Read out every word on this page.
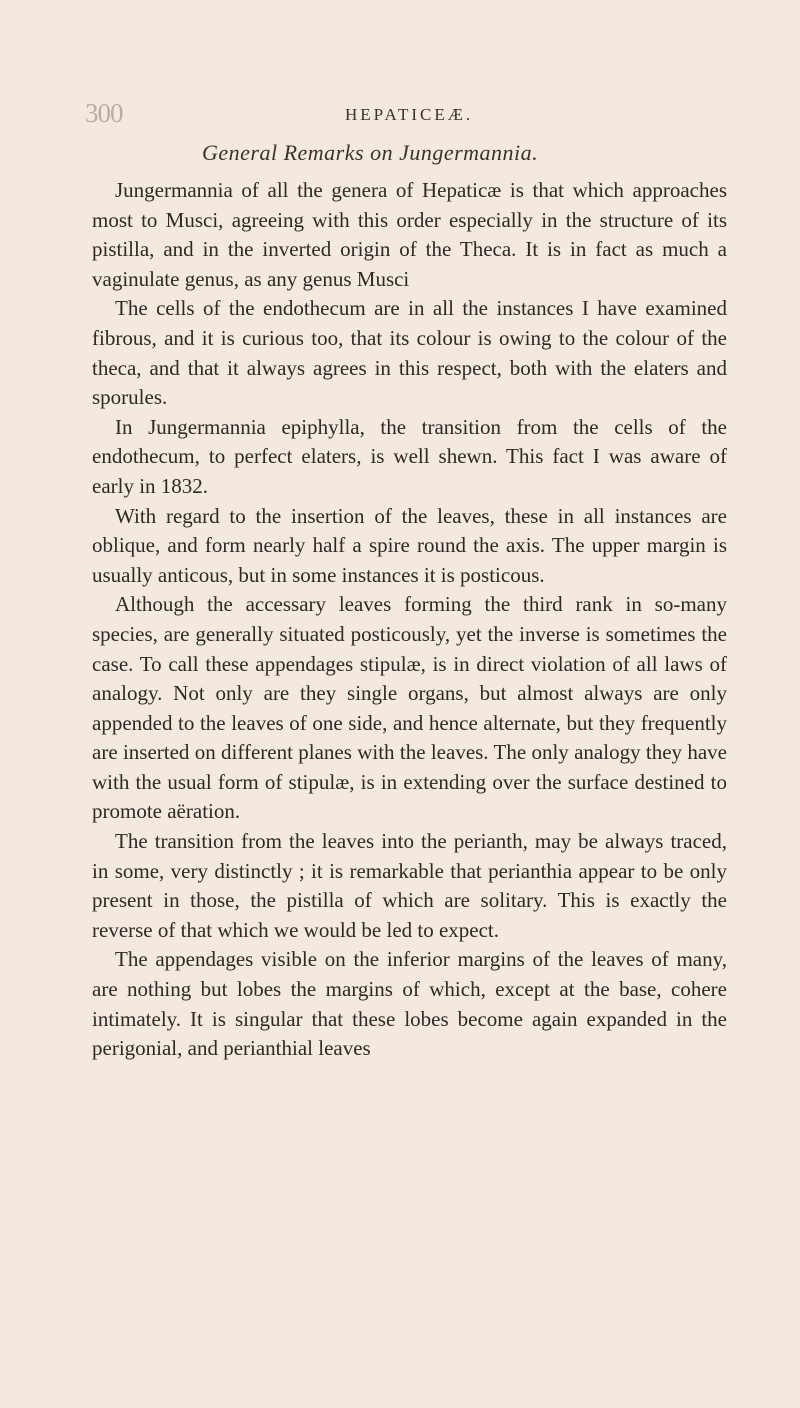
300	HEPATICEÆ.
General Remarks on Jungermannia.

Jungermannia of all the genera of Hepaticæ is that which approaches most to Musci, agreeing with this order especially in the structure of its pistilla, and in the inverted origin of the Theca. It is in fact as much a vaginulate genus, as any genus Musci

The cells of the endothecum are in all the instances I have examined fibrous, and it is curious too, that its colour is owing to the colour of the theca, and that it always agrees in this respect, both with the elaters and sporules.

In Jungermannia epiphylla, the transition from the cells of the endothecum, to perfect elaters, is well shewn. This fact I was aware of early in 1832.

With regard to the insertion of the leaves, these in all instances are oblique, and form nearly half a spire round the axis. The upper margin is usually anticous, but in some instances it is posticous.

Although the accessary leaves forming the third rank in so-many species, are generally situated posticously, yet the inverse is sometimes the case. To call these appendages stipulæ, is in direct violation of all laws of analogy. Not only are they single organs, but almost always are only appended to the leaves of one side, and hence alternate, but they frequently are inserted on different planes with the leaves. The only analogy they have with the usual form of stipulæ, is in extending over the surface destined to promote aëration.

The transition from the leaves into the perianth, may be always traced, in some, very distinctly ; it is remarkable that perianthia appear to be only present in those, the pistilla of which are solitary. This is exactly the reverse of that which we would be led to expect.

The appendages visible on the inferior margins of the leaves of many, are nothing but lobes the margins of which, except at the base, cohere intimately. It is singular that these lobes become again expanded in the perigonial, and perianthial leaves
